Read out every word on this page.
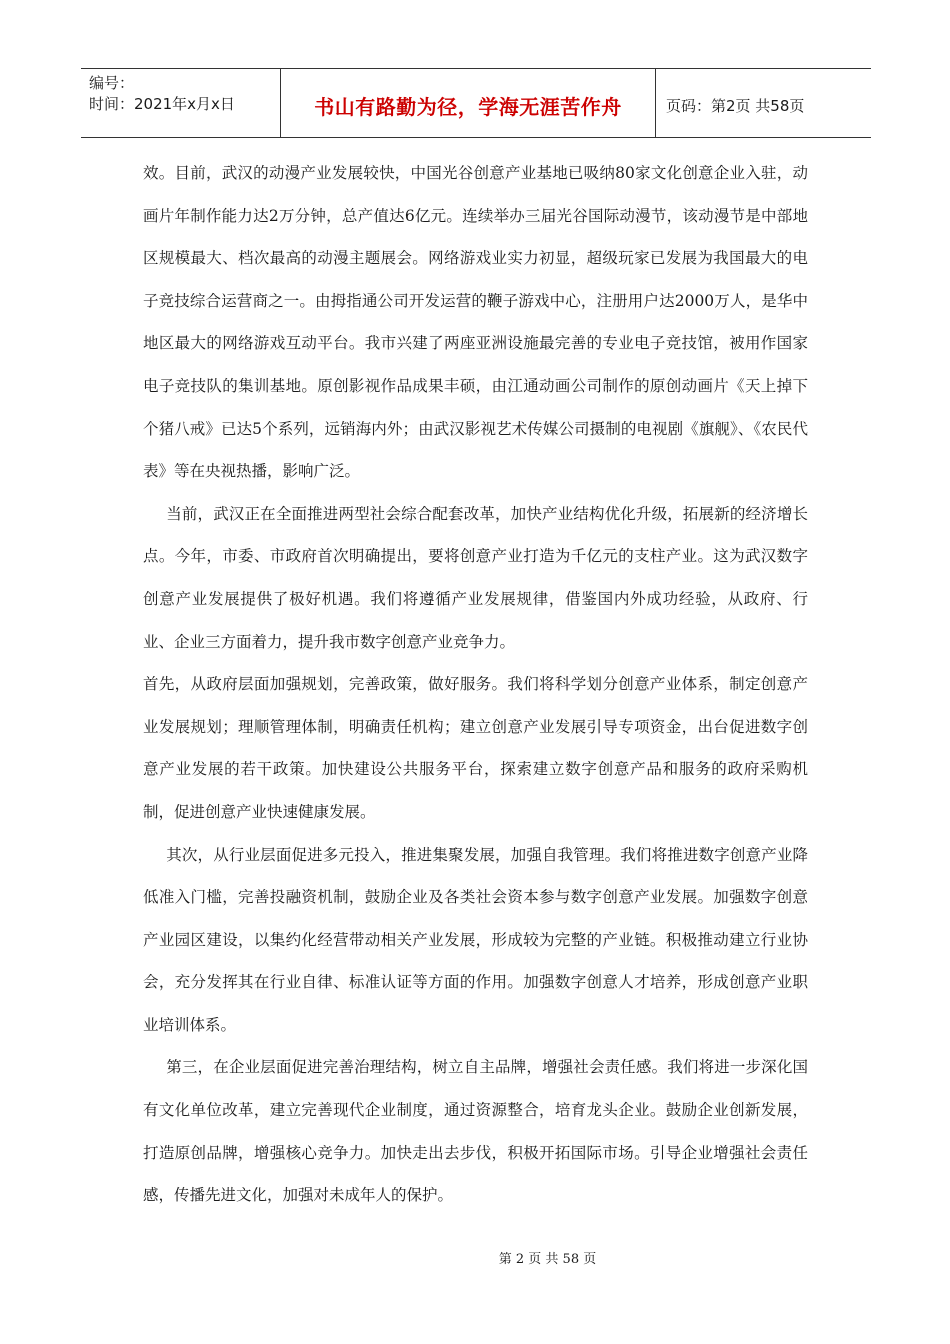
编号：
时间：2021年x月x日	书山有路勤为径，学海无涯苦作舟	页码：第2页 共58页

效。目前，武汉的动漫产业发展较快，中国光谷创意产业基地已吸纳80家文化创意企业入驻，动画片年制作能力达2万分钟，总产值达6亿元。连续举办三届光谷国际动漫节，该动漫节是中部地区规模最大、档次最高的动漫主题展会。网络游戏业实力初显，超级玩家已发展为我国最大的电子竞技综合运营商之一。由拇指通公司开发运营的鞭子游戏中心，注册用户达2000万人，是华中地区最大的网络游戏互动平台。我市兴建了两座亚洲设施最完善的专业电子竞技馆，被用作国家电子竞技队的集训基地。原创影视作品成果丰硕，由江通动画公司制作的原创动画片《天上掉下个猪八戒》已达5个系列，远销海内外；由武汉影视艺术传媒公司摄制的电视剧《旗舰》、《农民代表》等在央视热播，影响广泛。

当前，武汉正在全面推进两型社会综合配套改革，加快产业结构优化升级，拓展新的经济增长点。今年，市委、市政府首次明确提出，要将创意产业打造为千亿元的支柱产业。这为武汉数字创意产业发展提供了极好机遇。我们将遵循产业发展规律，借鉴国内外成功经验，从政府、行业、企业三方面着力，提升我市数字创意产业竞争力。

首先，从政府层面加强规划，完善政策，做好服务。我们将科学划分创意产业体系，制定创意产业发展规划；理顺管理体制，明确责任机构；建立创意产业发展引导专项资金，出台促进数字创意产业发展的若干政策。加快建设公共服务平台，探索建立数字创意产品和服务的政府采购机制，促进创意产业快速健康发展。

其次，从行业层面促进多元投入，推进集聚发展，加强自我管理。我们将推进数字创意产业降低准入门槛，完善投融资机制，鼓励企业及各类社会资本参与数字创意产业发展。加强数字创意产业园区建设，以集约化经营带动相关产业发展，形成较为完整的产业链。积极推动建立行业协会，充分发挥其在行业自律、标准认证等方面的作用。加强数字创意人才培养，形成创意产业职业培训体系。

第三，在企业层面促进完善治理结构，树立自主品牌，增强社会责任感。我们将进一步深化国有文化单位改革，建立完善现代企业制度，通过资源整合，培育龙头企业。鼓励企业创新发展，打造原创品牌，增强核心竞争力。加快走出去步伐，积极开拓国际市场。引导企业增强社会责任感，传播先进文化，加强对未成年人的保护。

第 2 页 共 58 页
